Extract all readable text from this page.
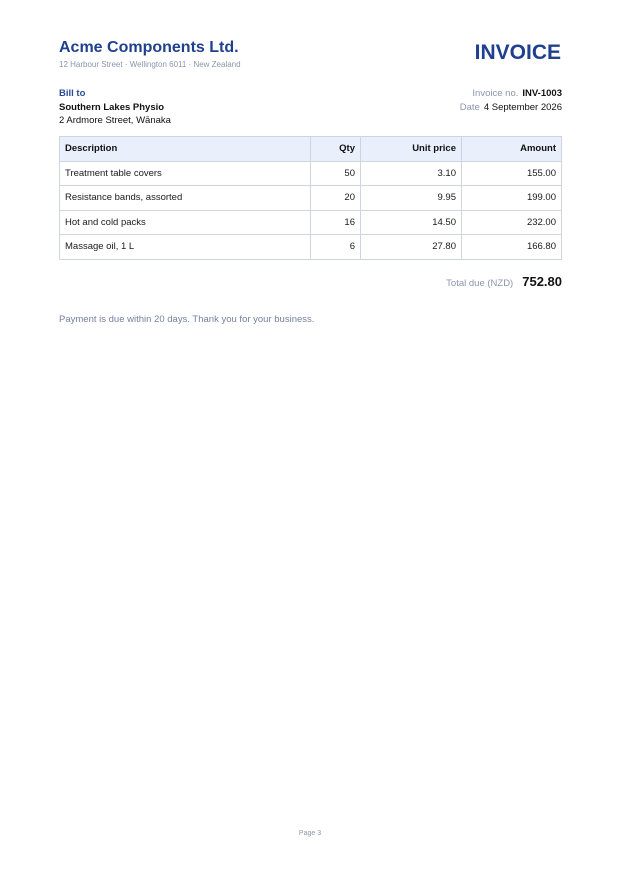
Acme Components Ltd.
12 Harbour Street · Wellington 6011 · New Zealand
INVOICE
Bill to
Southern Lakes Physio
2 Ardmore Street, Wānaka
Invoice no. INV-1003
Date 4 September 2026
Description	Qty	Unit price	Amount
Treatment table covers	50	3.10	155.00
Resistance bands, assorted	20	9.95	199.00
Hot and cold packs	16	14.50	232.00
Massage oil, 1 L	6	27.80	166.80
Total due (NZD) 752.80
Payment is due within 20 days. Thank you for your business.
Page 3
